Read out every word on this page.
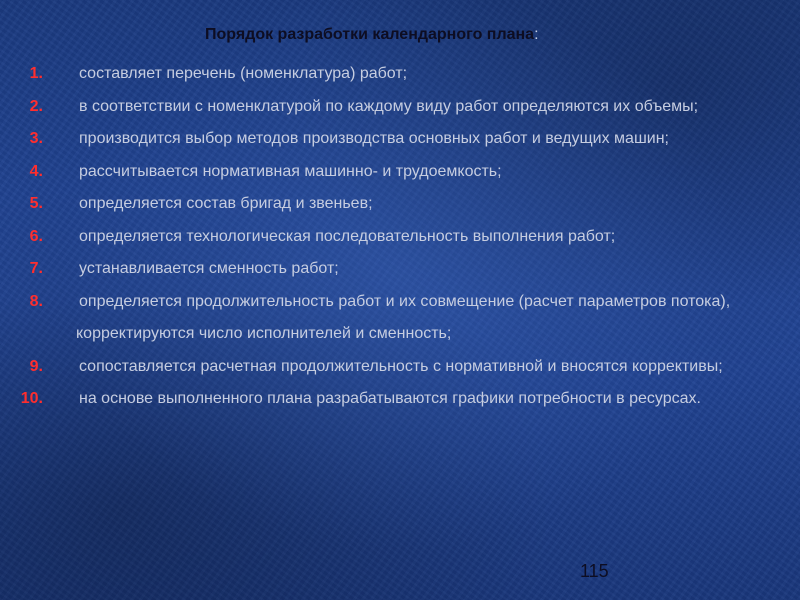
Порядок разработки календарного плана:
1. составляет перечень (номенклатура) работ;
2. в соответствии с номенклатурой по каждому виду работ определяются их объемы;
3. производится выбор методов производства основных работ и ведущих машин;
4. рассчитывается нормативная машинно- и трудоемкость;
5. определяется состав бригад и звеньев;
6. определяется технологическая последовательность выполнения работ;
7. устанавливается сменность работ;
8. определяется продолжительность работ и их совмещение (расчет параметров потока), корректируются число исполнителей и сменность;
9. сопоставляется расчетная продолжительность с нормативной и вносятся коррективы;
10. на основе выполненного плана разрабатываются графики потребности в ресурсах.
115
